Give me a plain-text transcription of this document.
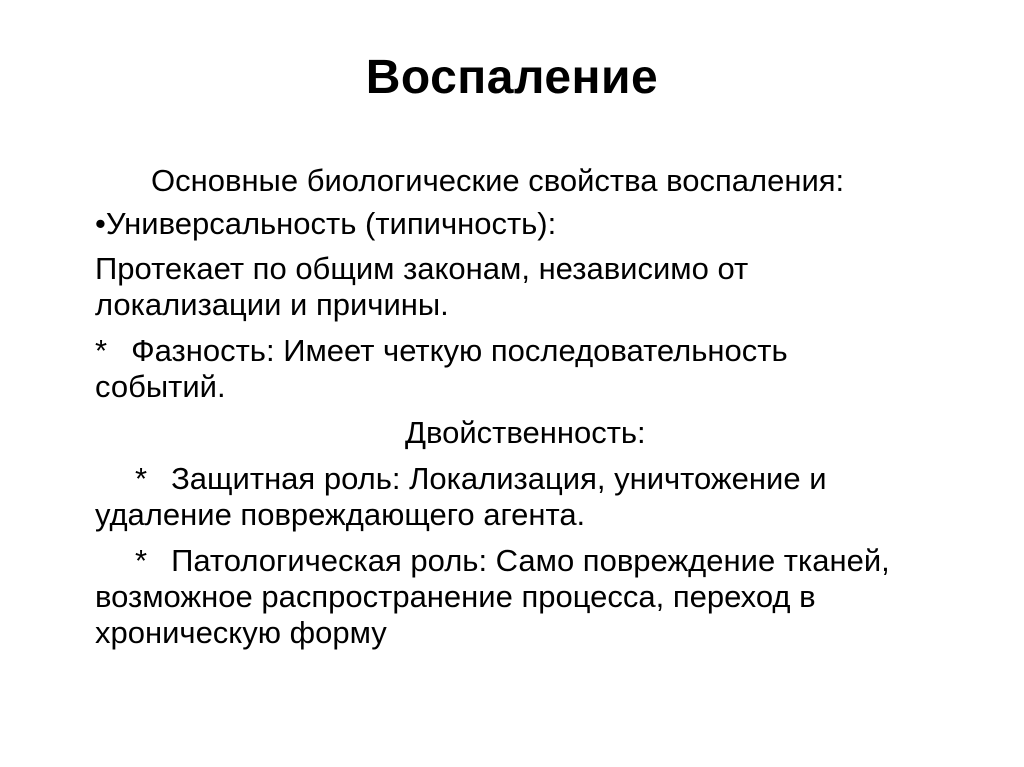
Воспаление
Основные биологические свойства воспаления:
•Универсальность (типичность):
Протекает по общим законам, независимо от
локализации и причины.
* Фазность: Имеет четкую последовательность
событий.
Двойственность:
* Защитная роль: Локализация, уничтожение и
удаление повреждающего агента.
* Патологическая роль: Само повреждение тканей,
возможное распространение процесса, переход в
хроническую форму
